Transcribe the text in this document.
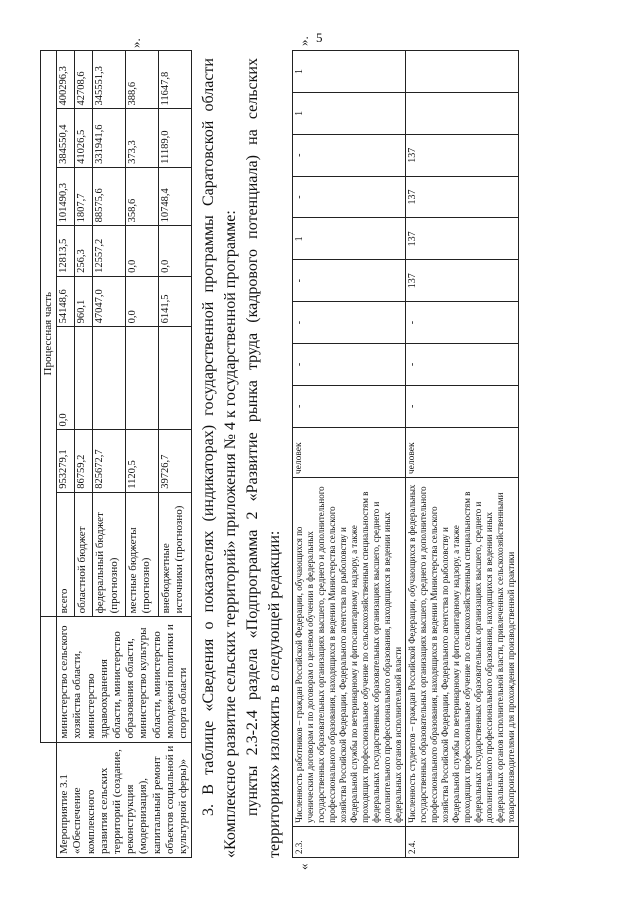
5
		Процессная часть							
Мероприятие 3.1 «Обеспечение комплексного развития сельских территорий (создание, реконструкция (модернизация), капитальный ремонт объектов социальной и культурной сферы)»	министерство сельского хозяйства области, министерство здравоохранения области, министерство образования области, министерство культуры области, министерство молодежной политики и спорта области	всего	953279,1	0,0	54148,6	12813,5	101490,3	384550,4	400296,3
		областной бюджет	86759,2		960,1	256,3	1807,7	41026,5	42708,6
		федеральный бюджет (прогнозно)	825672,7		47047,0	12557,2	88575,6	331941,6	345551,3
		местные бюджеты (прогнозно)	1120,5		0,0	0,0	358,6	373,3	388,6
		внебюджетные источники (прогнозно)	39726,7		6141,5	0,0	10748,4	11189,0	11647,8
».

3. В таблице «Сведения о показателях (индикаторах) государственной программы Саратовской области «Комплексное развитие сельских территорий» приложения № 4 к государственной программе: пункты 2.3-2.4 раздела «Подпрограмма 2 «Развитие рынка труда (кадрового потенциала) на сельских территориях» изложить в следующей редакции:

«
2.3.	Численность работников – граждан Российской Федерации, обучающихся по ученическим договорам и по договорам о целевом обучении в федеральных государственных образовательных организациях высшего, среднего и дополнительного профессионального образования, находящихся в ведении Министерства сельского хозяйства Российской Федерации, Федерального агентства по рыболовству и Федеральной службы по ветеринарному и фитосанитарному надзору, а также проходящих профессиональное обучение по сельскохозяйственным специальностям в федеральных государственных образовательных организациях высшего, среднего и дополнительного профессионального образования, находящихся в ведении иных федеральных органов исполнительной власти	человек	-	-	-	-	1	-	-	1	1
2.4.	Численность студентов – граждан Российской Федерации, обучающихся в федеральных государственных образовательных организациях высшего, среднего и дополнительного профессионального образования, находящихся в ведении Министерства сельского хозяйства Российской Федерации, Федерального агентства по рыболовству и Федеральной службы по ветеринарному и фитосанитарному надзору, а также проходящих профессиональное обучение по сельскохозяйственным специальностям в федеральных государственных образовательных организациях высшего, среднего и дополнительного профессионального образования, находящихся в ведении иных федеральных органов исполнительной власти, привлеченных сельскохозяйственными товаропроизводителями для прохождения производственной практики	человек	-	-	-	137	137	137	137		
».
